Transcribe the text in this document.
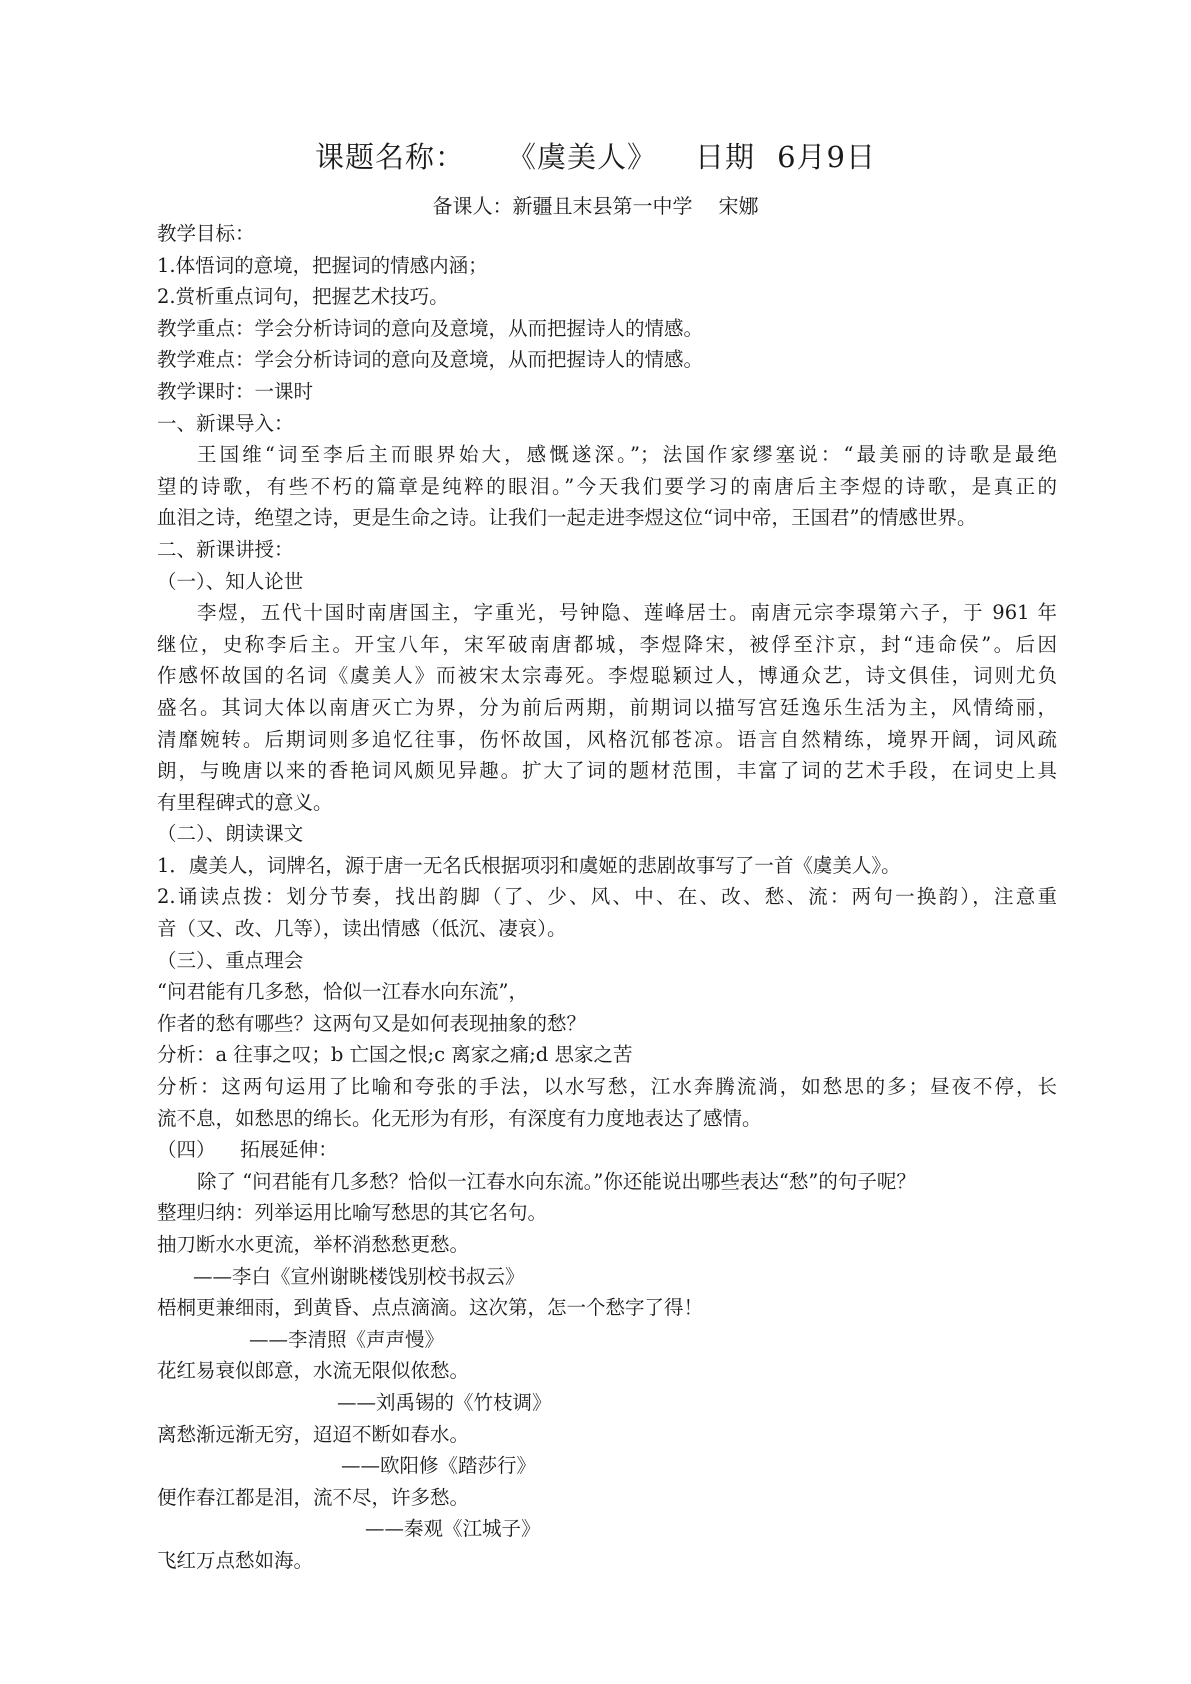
课题名称： 《虞美人》 日期 6月9日
备课人：新疆且末县第一中学 宋娜
教学目标：
1.体悟词的意境，把握词的情感内涵；
2.赏析重点词句，把握艺术技巧。
教学重点：学会分析诗词的意向及意境，从而把握诗人的情感。
教学难点：学会分析诗词的意向及意境，从而把握诗人的情感。
教学课时：一课时
一、新课导入：
王国维“词至李后主而眼界始大，感慨遂深。”；法国作家缪塞说：“最美丽的诗歌是最绝
望的诗歌，有些不朽的篇章是纯粹的眼泪。”今天我们要学习的南唐后主李煜的诗歌，是真正的
血泪之诗，绝望之诗，更是生命之诗。让我们一起走进李煜这位“词中帝，王国君”的情感世界。
二、新课讲授：
（一）、知人论世
李煜，五代十国时南唐国主，字重光，号钟隐、莲峰居士。南唐元宗李璟第六子，于 961 年
继位，史称李后主。开宝八年，宋军破南唐都城，李煜降宋，被俘至汴京，封“违命侯”。后因
作感怀故国的名词《虞美人》而被宋太宗毒死。李煜聪颖过人，博通众艺，诗文俱佳，词则尤负
盛名。其词大体以南唐灭亡为界，分为前后两期，前期词以描写宫廷逸乐生活为主，风情绮丽，
清靡婉转。后期词则多追忆往事，伤怀故国，风格沉郁苍凉。语言自然精练，境界开阔，词风疏
朗，与晚唐以来的香艳词风颇见异趣。扩大了词的题材范围，丰富了词的艺术手段，在词史上具
有里程碑式的意义。
（二）、朗读课文
1．虞美人，词牌名，源于唐一无名氏根据项羽和虞姬的悲剧故事写了一首《虞美人》。
2.诵读点拨：划分节奏，找出韵脚（了、少、风、中、在、改、愁、流：两句一换韵），注意重
音（又、改、几等），读出情感（低沉、凄哀）。
（三）、重点理会
“问君能有几多愁，恰似一江春水向东流”，
作者的愁有哪些？这两句又是如何表现抽象的愁？
分析：a 往事之叹；b 亡国之恨;c 离家之痛;d 思家之苦
分析：这两句运用了比喻和夸张的手法，以水写愁，江水奔腾流淌，如愁思的多；昼夜不停，长
流不息，如愁思的绵长。化无形为有形，有深度有力度地表达了感情。
（四）    拓展延伸：
除了 “问君能有几多愁？恰似一江春水向东流。”你还能说出哪些表达“愁”的句子呢？
整理归纳：列举运用比喻写愁思的其它名句。
抽刀断水水更流，举杯消愁愁更愁。
——李白《宣州谢眺楼饯别校书叔云》
梧桐更兼细雨，到黄昏、点点滴滴。这次第，怎一个愁字了得！
——李清照《声声慢》
花红易衰似郎意，水流无限似侬愁。
——刘禹锡的《竹枝调》
离愁渐远渐无穷，迢迢不断如春水。
——欧阳修《踏莎行》
便作春江都是泪，流不尽，许多愁。
——秦观《江城子》
飞红万点愁如海。
